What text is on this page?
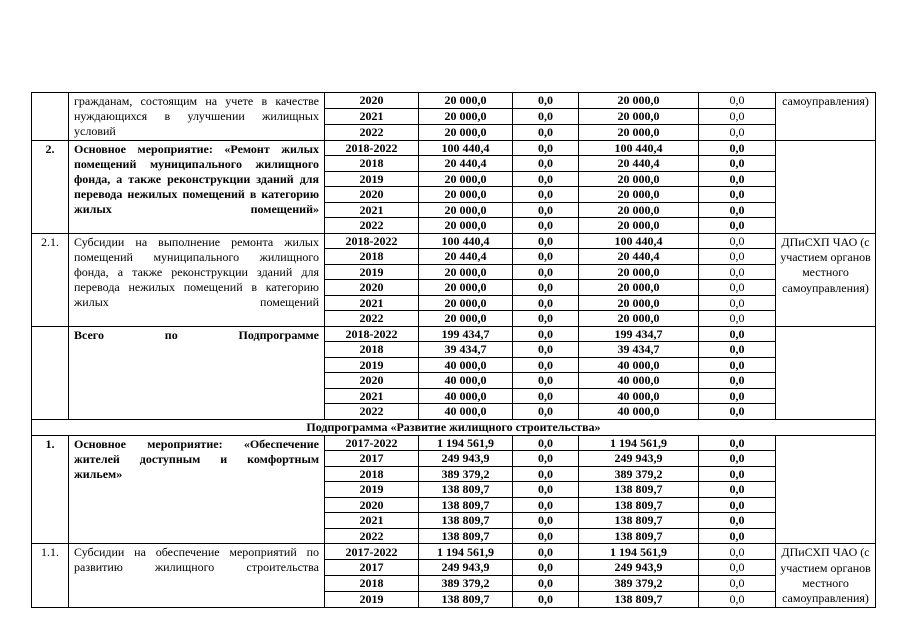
	гражданам, состоящим на учете в качестве нуждающихся в улучшении жилищных условий	2020	20 000,0	0,0	20 000,0	0,0	самоуправления)
		2021	20 000,0	0,0	20 000,0	0,0	
		2022	20 000,0	0,0	20 000,0	0,0	
2.	Основное мероприятие: «Ремонт жилых помещений муниципального жилищного фонда, а также реконструкции зданий для перевода нежилых помещений в категорию жилых помещений»	2018-2022	100 440,4	0,0	100 440,4	0,0	
		2018	20 440,4	0,0	20 440,4	0,0	
		2019	20 000,0	0,0	20 000,0	0,0	
		2020	20 000,0	0,0	20 000,0	0,0	
		2021	20 000,0	0,0	20 000,0	0,0	
		2022	20 000,0	0,0	20 000,0	0,0	
2.1.	Субсидии на выполнение ремонта жилых помещений муниципального жилищного фонда, а также реконструкции зданий для перевода нежилых помещений в категорию жилых помещений	2018-2022	100 440,4	0,0	100 440,4	0,0	ДПиСХП ЧАО (с участием органов местного самоуправления)
		2018	20 440,4	0,0	20 440,4	0,0	
		2019	20 000,0	0,0	20 000,0	0,0	
		2020	20 000,0	0,0	20 000,0	0,0	
		2021	20 000,0	0,0	20 000,0	0,0	
		2022	20 000,0	0,0	20 000,0	0,0	
	Всего по Подпрограмме	2018-2022	199 434,7	0,0	199 434,7	0,0	
		2018	39 434,7	0,0	39 434,7	0,0	
		2019	40 000,0	0,0	40 000,0	0,0	
		2020	40 000,0	0,0	40 000,0	0,0	
		2021	40 000,0	0,0	40 000,0	0,0	
		2022	40 000,0	0,0	40 000,0	0,0	
Подпрограмма «Развитие жилищного строительства»							
1.	Основное мероприятие: «Обеспечение жителей доступным и комфортным жильем»	2017-2022	1 194 561,9	0,0	1 194 561,9	0,0	
		2017	249 943,9	0,0	249 943,9	0,0	
		2018	389 379,2	0,0	389 379,2	0,0	
		2019	138 809,7	0,0	138 809,7	0,0	
		2020	138 809,7	0,0	138 809,7	0,0	
		2021	138 809,7	0,0	138 809,7	0,0	
		2022	138 809,7	0,0	138 809,7	0,0	
1.1.	Субсидии на обеспечение мероприятий по развитию жилищного строительства	2017-2022	1 194 561,9	0,0	1 194 561,9	0,0	ДПиСХП ЧАО (с участием органов местного самоуправления)
		2017	249 943,9	0,0	249 943,9	0,0	
		2018	389 379,2	0,0	389 379,2	0,0	
		2019	138 809,7	0,0	138 809,7	0,0	
